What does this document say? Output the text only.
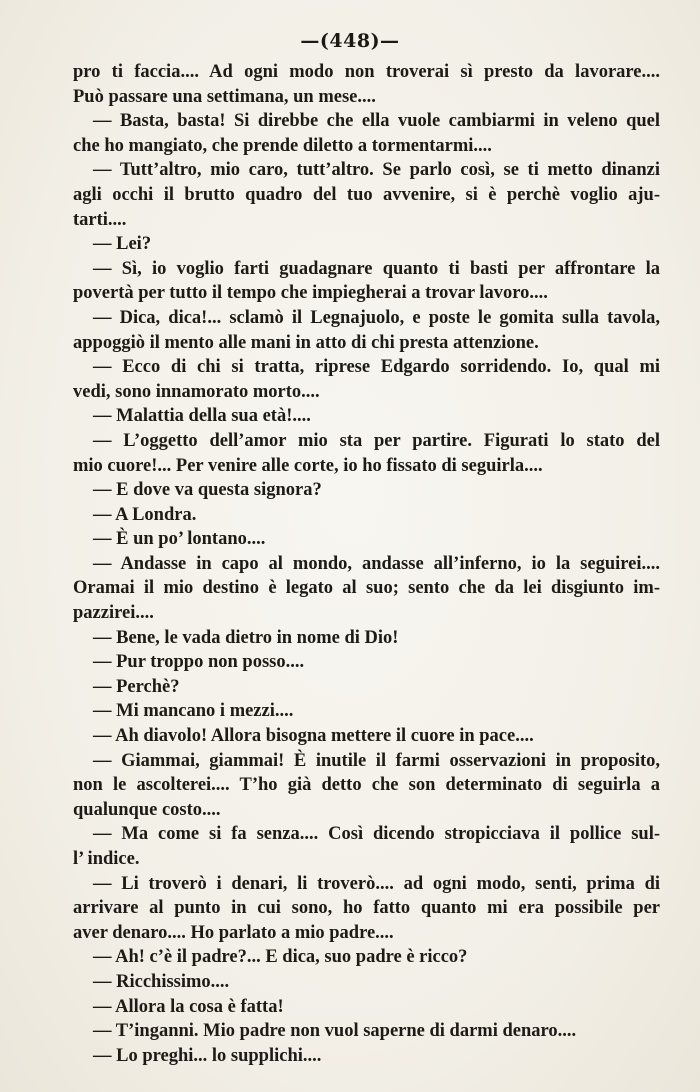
—(448)—
pro ti faccia.... Ad ogni modo non troverai sì presto da lavorare....
Può passare una settimana, un mese....
— Basta, basta! Si direbbe che ella vuole cambiarmi in veleno quel
che ho mangiato, che prende diletto a tormentarmi....
— Tutt’altro, mio caro, tutt’altro. Se parlo così, se ti metto dinanzi
agli occhi il brutto quadro del tuo avvenire, si è perchè voglio aju-
tarti....
— Lei?
— Sì, io voglio farti guadagnare quanto ti basti per affrontare la
povertà per tutto il tempo che impiegherai a trovar lavoro....
— Dica, dica!... sclamò il Legnajuolo, e poste le gomita sulla tavola,
appoggiò il mento alle mani in atto di chi presta attenzione.
— Ecco di chi si tratta, riprese Edgardo sorridendo. Io, qual mi
vedi, sono innamorato morto....
— Malattia della sua età!....
— L’oggetto dell’amor mio sta per partire. Figurati lo stato del
mio cuore!... Per venire alle corte, io ho fissato di seguirla....
— E dove va questa signora?
— A Londra.
— È un po’ lontano....
— Andasse in capo al mondo, andasse all’inferno, io la seguirei....
Oramai il mio destino è legato al suo; sento che da lei disgiunto im-
pazzirei....
— Bene, le vada dietro in nome di Dio!
— Pur troppo non posso....
— Perchè?
— Mi mancano i mezzi....
— Ah diavolo! Allora bisogna mettere il cuore in pace....
— Giammai, giammai! È inutile il farmi osservazioni in proposito,
non le ascolterei.... T’ho già detto che son determinato di seguirla a
qualunque costo....
— Ma come si fa senza.... Così dicendo stropicciava il pollice sul-
l’ indice.
— Li troverò i denari, li troverò.... ad ogni modo, senti, prima di
arrivare al punto in cui sono, ho fatto quanto mi era possibile per
aver denaro.... Ho parlato a mio padre....
— Ah! c’è il padre?... E dica, suo padre è ricco?
— Ricchissimo....
— Allora la cosa è fatta!
— T’inganni. Mio padre non vuol saperne di darmi denaro....
— Lo preghi... lo supplichi....
